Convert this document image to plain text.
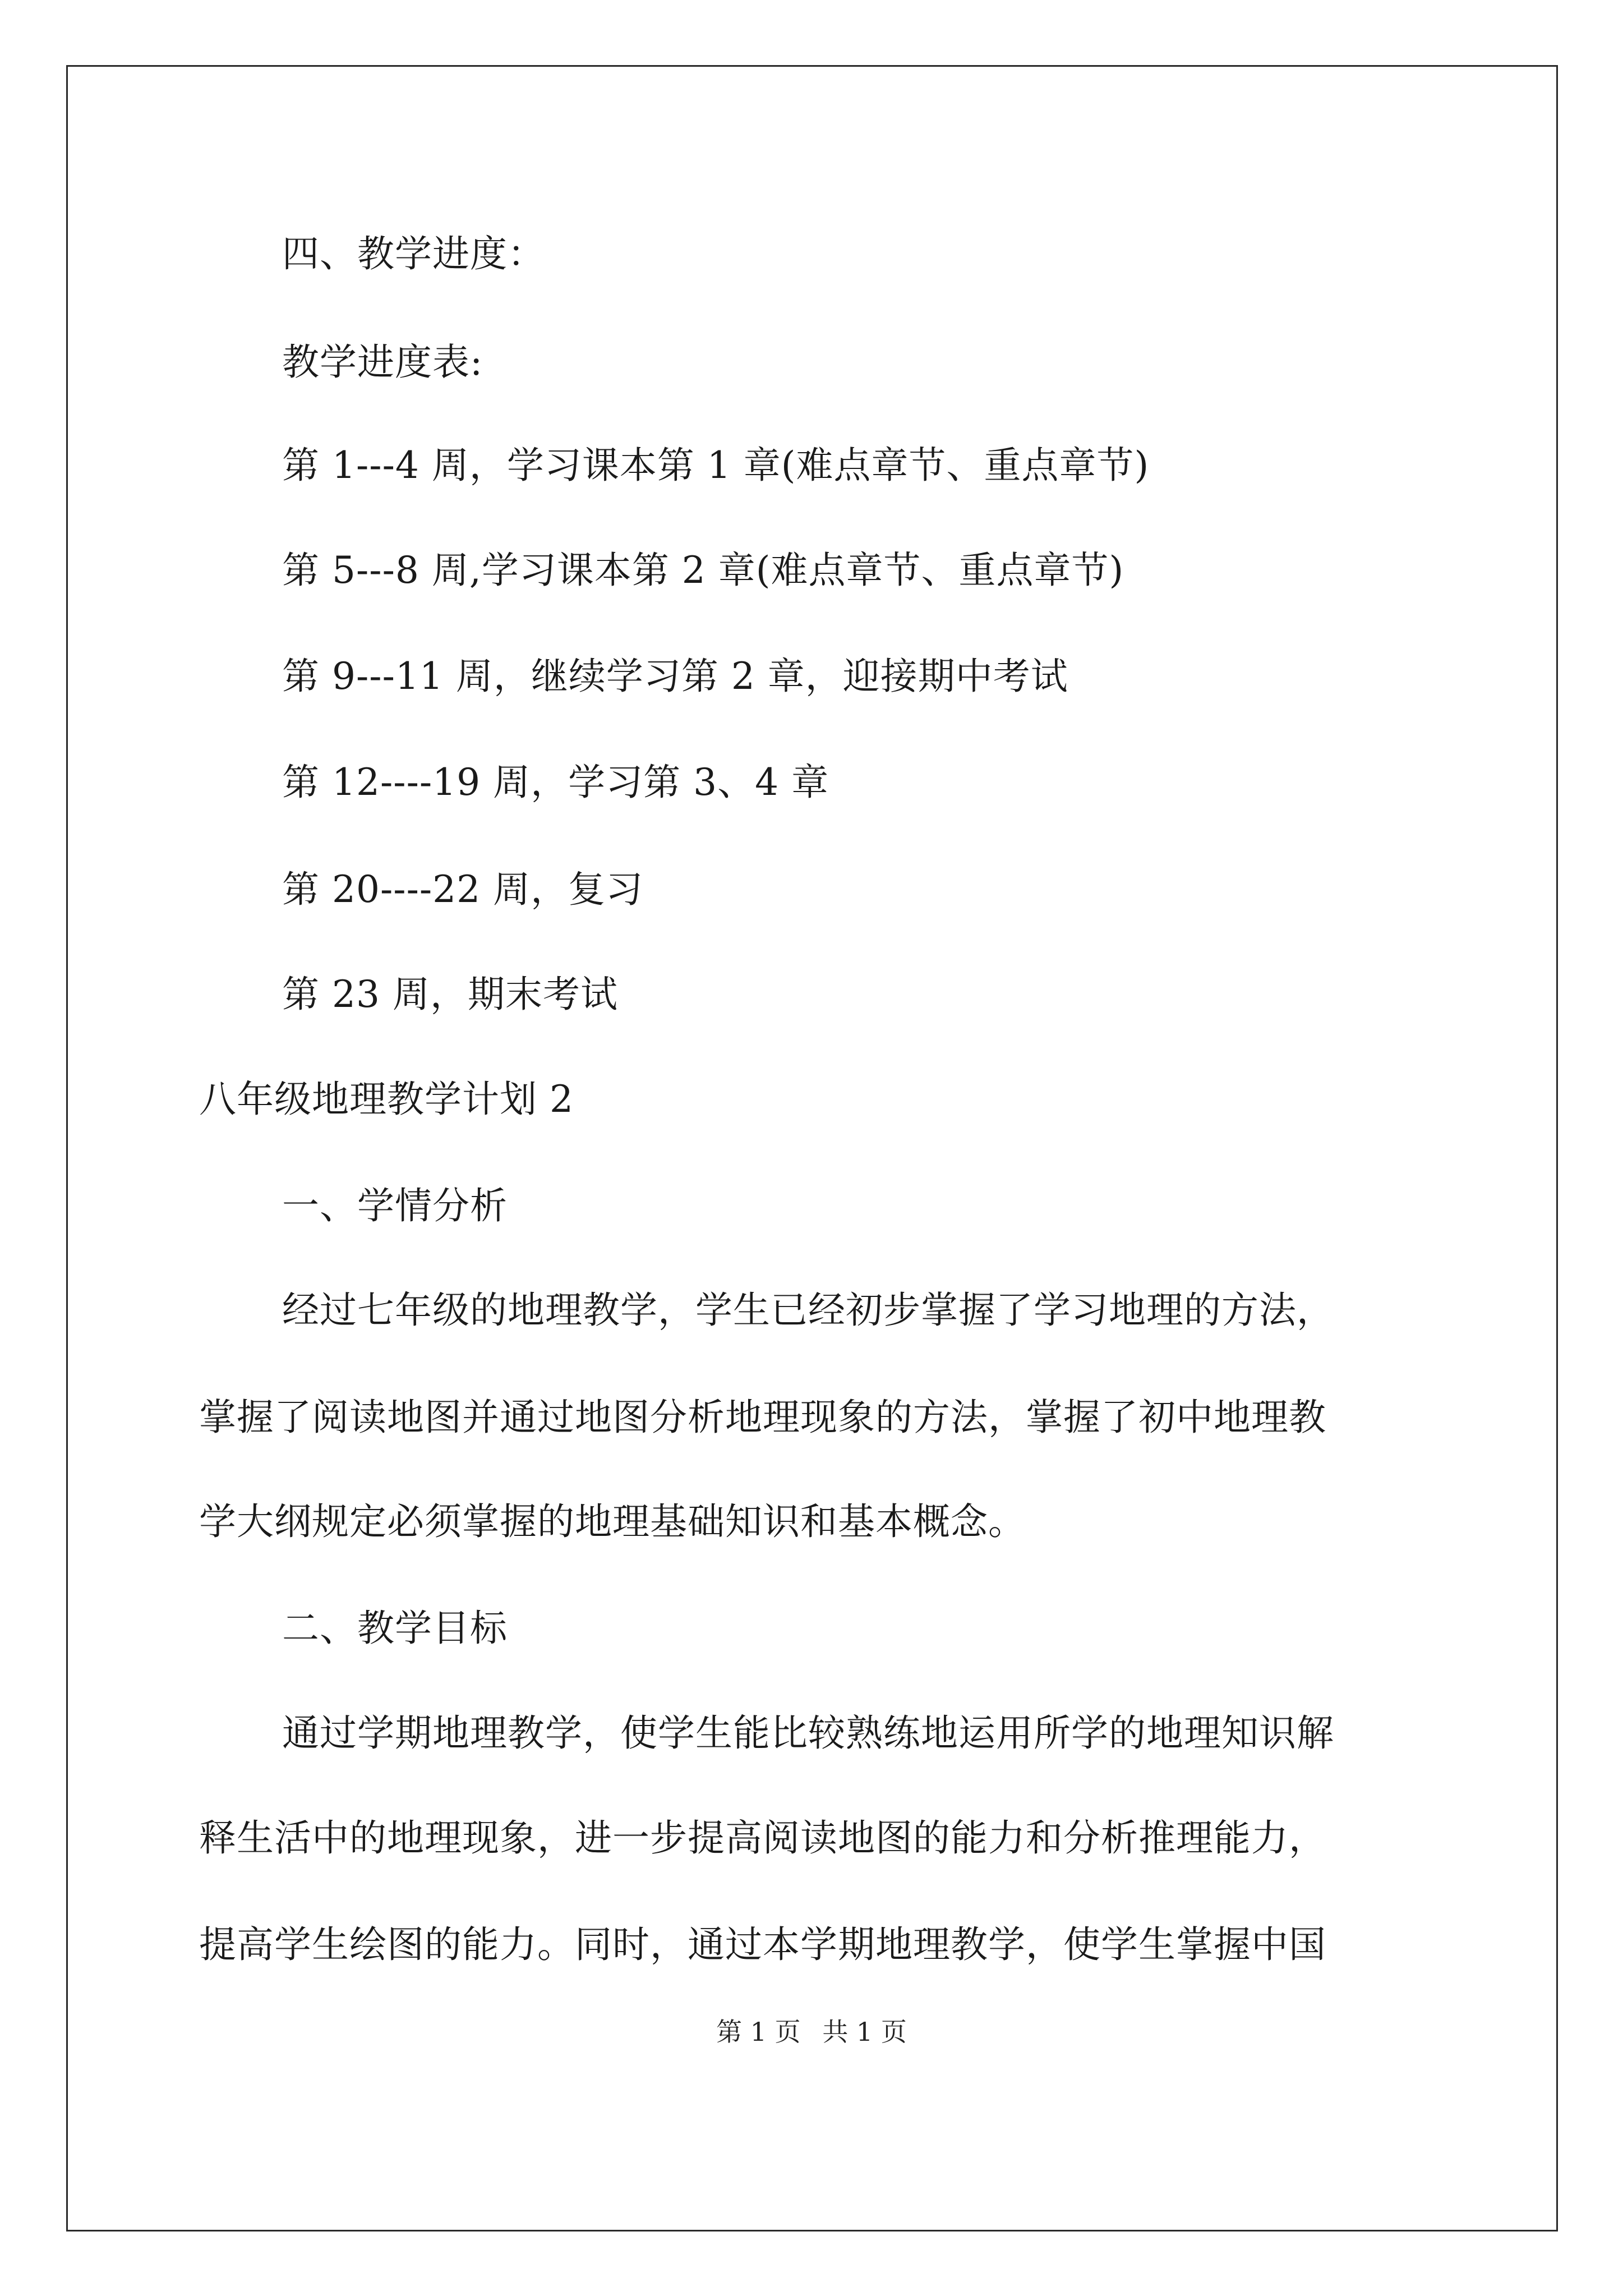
四、教学进度：
教学进度表:
第 1---4 周，学习课本第 1 章(难点章节、重点章节)
第 5---8 周,学习课本第 2 章(难点章节、重点章节)
第 9---11 周，继续学习第 2 章，迎接期中考试
第 12----19 周，学习第 3、4 章
第 20----22 周，复习
第 23 周，期末考试
八年级地理教学计划 2
一、学情分析
经过七年级的地理教学，学生已经初步掌握了学习地理的方法，
掌握了阅读地图并通过地图分析地理现象的方法，掌握了初中地理教
学大纲规定必须掌握的地理基础知识和基本概念。
二、教学目标
通过学期地理教学，使学生能比较熟练地运用所学的地理知识解
释生活中的地理现象，进一步提高阅读地图的能力和分析推理能力，
提高学生绘图的能力。同时，通过本学期地理教学，使学生掌握中国
第 1 页 共 1 页
